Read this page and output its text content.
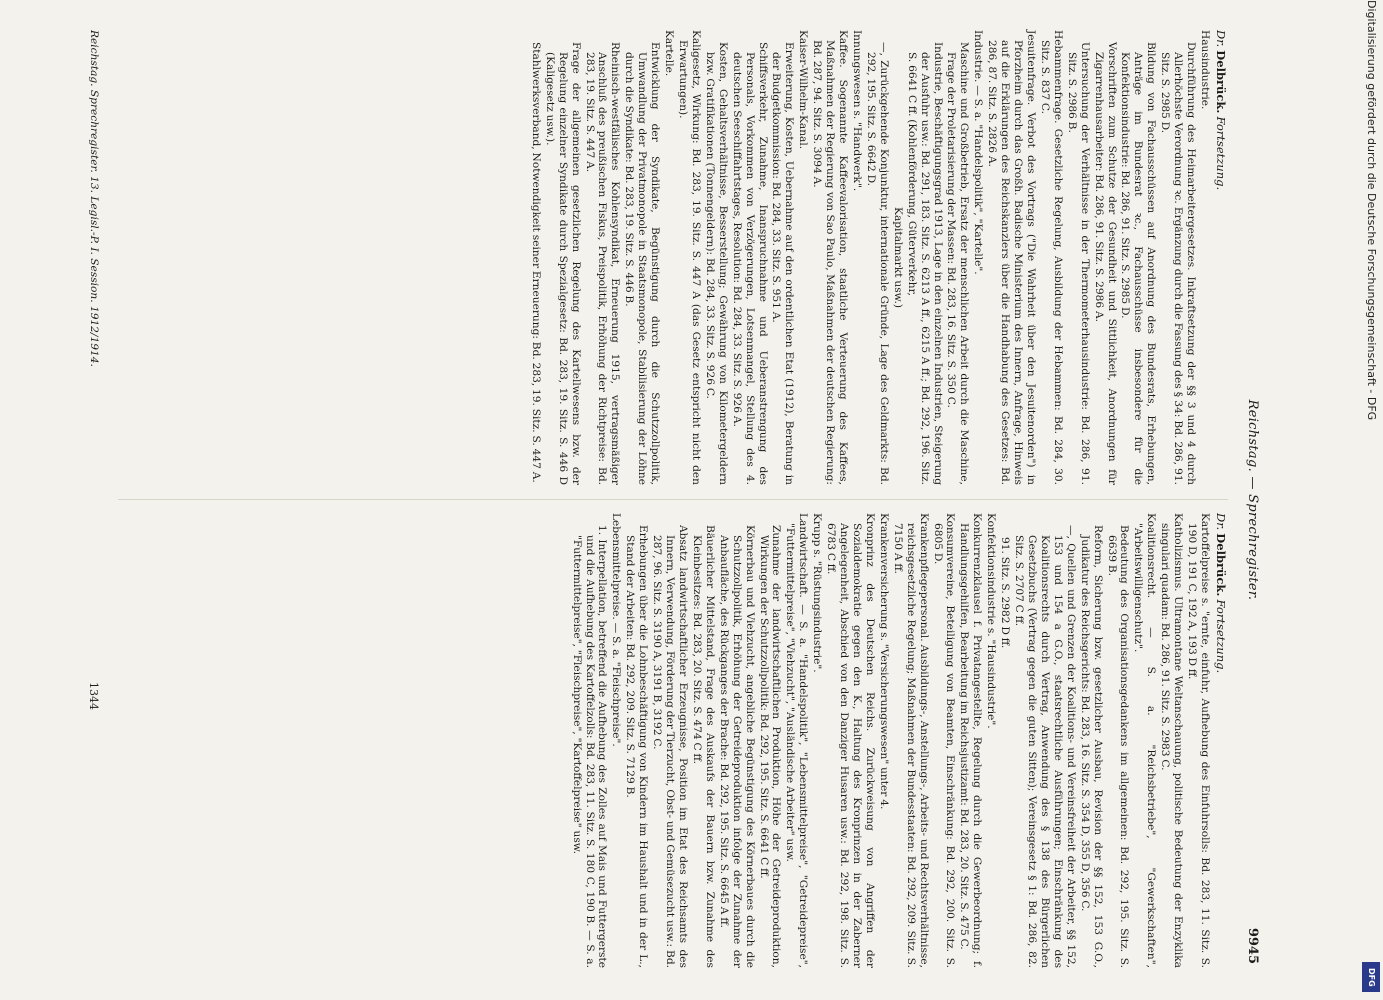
Reichstag. — Sprechregister.
9945
Dr. Delbrück. Fortsetzung.
Hausindustrie.
Durchführung des Heimarbeitergesetzes. Inkraftsetzung der §§ 3 und 4 durch Allerhöchste Verordnung ꝛc. Ergänzung durch die Fassung des § 34: Bd. 286, 91. Sitz. S. 2985 D.
Bildung von Fachausschüssen auf Anordnung des Bundesrats, Erhebungen, Anträge im Bundesrat ꝛc., Fachausschüsse insbesondere für die Konfektionsindustrie: Bd. 286, 91. Sitz. S. 2985 D.
Vorschriften zum Schutze der Gesundheit und Sittlichkeit, Anordnungen für Zigarrenhausarbeiter: Bd. 286, 91. Sitz. S. 2986 A.
Untersuchung der Verhältnisse in der Thermometerhausindustrie: Bd. 286, 91. Sitz. S. 2986 B.
Hebammenfrage. Gesetzliche Regelung, Ausbildung der Hebammen: Bd. 284, 30. Sitz. S. 837 C.
Jesuitenfrage. Verbot des Vortrags ("Die Wahrheit über den Jesuitenorden") in Pforzheim durch das Großh. Badische Ministerium des Innern, Anfrage, Hinweis auf die Erklärungen des Reichskanzlers über die Handhabung des Gesetzes: Bd. 286, 87. Sitz. S. 2826 A.
Industrie. — S. a. "Handelspolitik", "Kartelle".
Maschine und Großbetrieb, Ersatz der menschlichen Arbeit durch die Maschine, Frage der Proletarisierung der Massen: Bd. 283, 16. Sitz. S. 350 C.
Industrie, Beschäftigungsgrad 1913, Lage in den einzelnen Industrien, Steigerung der Ausfuhr usw.: Bd. 291, 183. Sitz. S. 6213 A ff., 6215 A ff.; Bd. 292, 196. Sitz. S. 6641 C ff. (Kohlenförderung, Güterverkehr,
Kapitalmarkt usw.)
—, Zurückgehende Konjunktur, internationale Gründe, Lage des Geldmarkts: Bd. 292, 195. Sitz. S. 6642 D.
Innungswesen s. "Handwerk".
Kaffee. Sogenannte Kaffeevalorisation, staatliche Verteuerung des Kaffees, Maßnahmen der Regierung von Sao Paulo, Maßnahmen der deutschen Regierung: Bd. 287, 94. Sitz. S. 3094 A.
Kaiser-Wilhelm-Kanal.
Erweiterung, Kosten, Uebernahme auf den ordentlichen Etat (1912), Beratung in der Budgetkommission: Bd. 284, 33. Sitz. S. 951 A.
Schiffsverkehr, Zunahme, Inanspruchnahme und Ueberanstrengung des Personals, Vorkommen von Verzögerungen, Lotsenmangel, Stellung des 4. deutschen Seeschiffahrtstages, Resolution: Bd. 284, 33. Sitz. S. 926 A.
Kosten, Gehaltsverhältnisse, Besserstellung; Gewährung von Kilometergeldern bzw. Gratifikationen (Tonnengeldern): Bd. 284, 33. Sitz. S. 926 C.
Kaligesetz, Wirkung: Bd. 283, 19. Sitz. S. 447 A (das Gesetz entspricht nicht den Erwartungen).
Kartelle.
Entwicklung der Syndikate, Begünstigung durch die Schutzzollpolitik, Umwandlung der Privatmonopole in Staatsmonopole, Stabilisierung der Löhne durch die Syndikate: Bd. 283, 19. Sitz. S. 446 B.
Rheinisch-westfälisches Kohlensyndikat, Erneuerung 1915, vertragsmäßiger Anschluß des preußischen Fiskus, Preispolitik, Erhöhung der Richtpreise: Bd. 283, 19. Sitz. S. 447 A.
Frage der allgemeinen gesetzlichen Regelung des Kartellwesens bzw. der Regelung einzelner Syndikate durch Spezialgesetz: Bd. 283, 19. Sitz. S. 446 D (Kaligesetz usw.).
Stahlwerksverband, Notwendigkeit seiner Erneuerung: Bd. 283, 19. Sitz. S. 447 A.
Dr. Delbrück. Fortsetzung.
Kartoffelpreise s. "ernte, einfuhr, Aufhebung des Einfuhrsolls: Bd. 283, 11. Sitz. S. 190 D, 191 C, 192 A, 193 D ff.
Katholizismus. Ultramontane Weltanschauung, politische Bedeutung der Enzyklika singulari quadam: Bd. 286, 91. Sitz. S. 2983 C.
Koalitionsrecht. — S. a. "Reichsbetriebe", "Gewerkschaften", "Arbeitswilligenschutz".
Bedeutung des Organisationsgedankens im allgemeinen: Bd. 292, 195. Sitz. S. 6639 B.
Reform, Sicherung bzw. gesetzlicher Ausbau, Revision der §§ 152, 153 G.O., Judikatur des Reichsgerichts: Bd. 283, 16. Sitz. S. 354 D, 355 D, 356 C.
—, Quellen und Grenzen der Koalitions- und Vereinsfreiheit der Arbeiter, §§ 152, 153 und 154 a G.O., staatsrechtliche Ausführungen; Einschränkung des Koalitionsrechts durch Vertrag, Anwendung des § 138 des Bürgerlichen Gesetzbuchs (Vertrag gegen die guten Sitten); Vereinsgesetz § 1: Bd. 286, 82. Sitz. S. 2707 C ff.
91. Sitz. S. 2982 D ff.
Konfektionsindustrie s. "Hausindustrie".
Konkurrenzklausel f. Privatangestellte, Regelung durch die Gewerbeordnung; f. Handlungsgehilfen, Bearbeitung im Reichsjustizamt: Bd. 283, 20. Sitz. S. 475 C.
Konsumvereine, Beteiligung von Beamten, Einschränkung: Bd. 292, 200. Sitz. S. 6805 D.
Krankenpflegepersonal. Ausbildungs-, Anstellungs-, Arbeits- und Rechtsverhältnisse, reichsgesetzliche Regelung; Maßnahmen der Bundesstaaten: Bd. 292, 209. Sitz. S. 7150 A ff.
Krankenversicherung s. "Versicherungswesen" unter 4.
Kronprinz des Deutschen Reichs. Zurückweisung von Angriffen der Sozialdemokratie gegen den K., Haltung des Kronprinzen in der Zaberner Angelegenheit, Abschied von den Danziger Husaren usw.: Bd. 292, 198. Sitz. S. 6783 C ff.
Krupp s. "Rüstungsindustrie".
Landwirtschaft. — S. a. "Handelspolitik", "Lebensmittelpreise", "Getreidepreise", "Futtermittelpreise", "Viehzucht", "Ausländische Arbeiter" usw.
Zunahme der landwirtschaftlichen Produktion, Höhe der Getreideproduktion, Wirkungen der Schutzzollpolitik: Bd. 292, 195. Sitz. S. 6641 C ff.
Körnerbau und Viehzucht, angebliche Begünstigung des Körnerbaues durch die Schutzzollpolitik, Erhöhung der Getreideproduktion infolge der Zunahme der Anbaufläche, des Rückganges der Brache: Bd. 292, 195. Sitz. S. 6645 A ff.
Bäuerlicher Mittelstand, Frage des Auskaufs der Bauern bzw. Zunahme des Kleinbesitzes: Bd. 283, 20. Sitz. S. 474 C ff.
Absatz landwirtschaftlicher Erzeugnisse, Position im Etat des Reichsamts des Innern, Verwendung, Förderung der Tierzucht, Obst- und Gemüsezucht usw.: Bd. 287, 96. Sitz. S. 3190 A, 3191 B, 3192 C.
Erhebungen über die Lohnbeschäftigung von Kindern im Haushalt und in der L., Stand der Arbeiten: Bd. 292, 209. Sitz. S. 7129 B.
Lebensmittelpreise. — S. a. "Fleischpreise".
1. Interpellation, betreffend die Aufhebung des Zolles auf Mais und Futtergerste und die Aufhebung des Kartoffelzolls: Bd. 283, 11. Sitz. S. 180 C, 190 B. — S. a. "Futtermittelpreise", "Fleischpreise", "Kartoffelpreise" usw.
Reichstag. Sprechregister. 13. Legisl.-P. I. Session. 1912/1914.
1344
Digitalisierung gefördert durch die Deutsche Forschungsgemeinschaft - DFG
DFG
